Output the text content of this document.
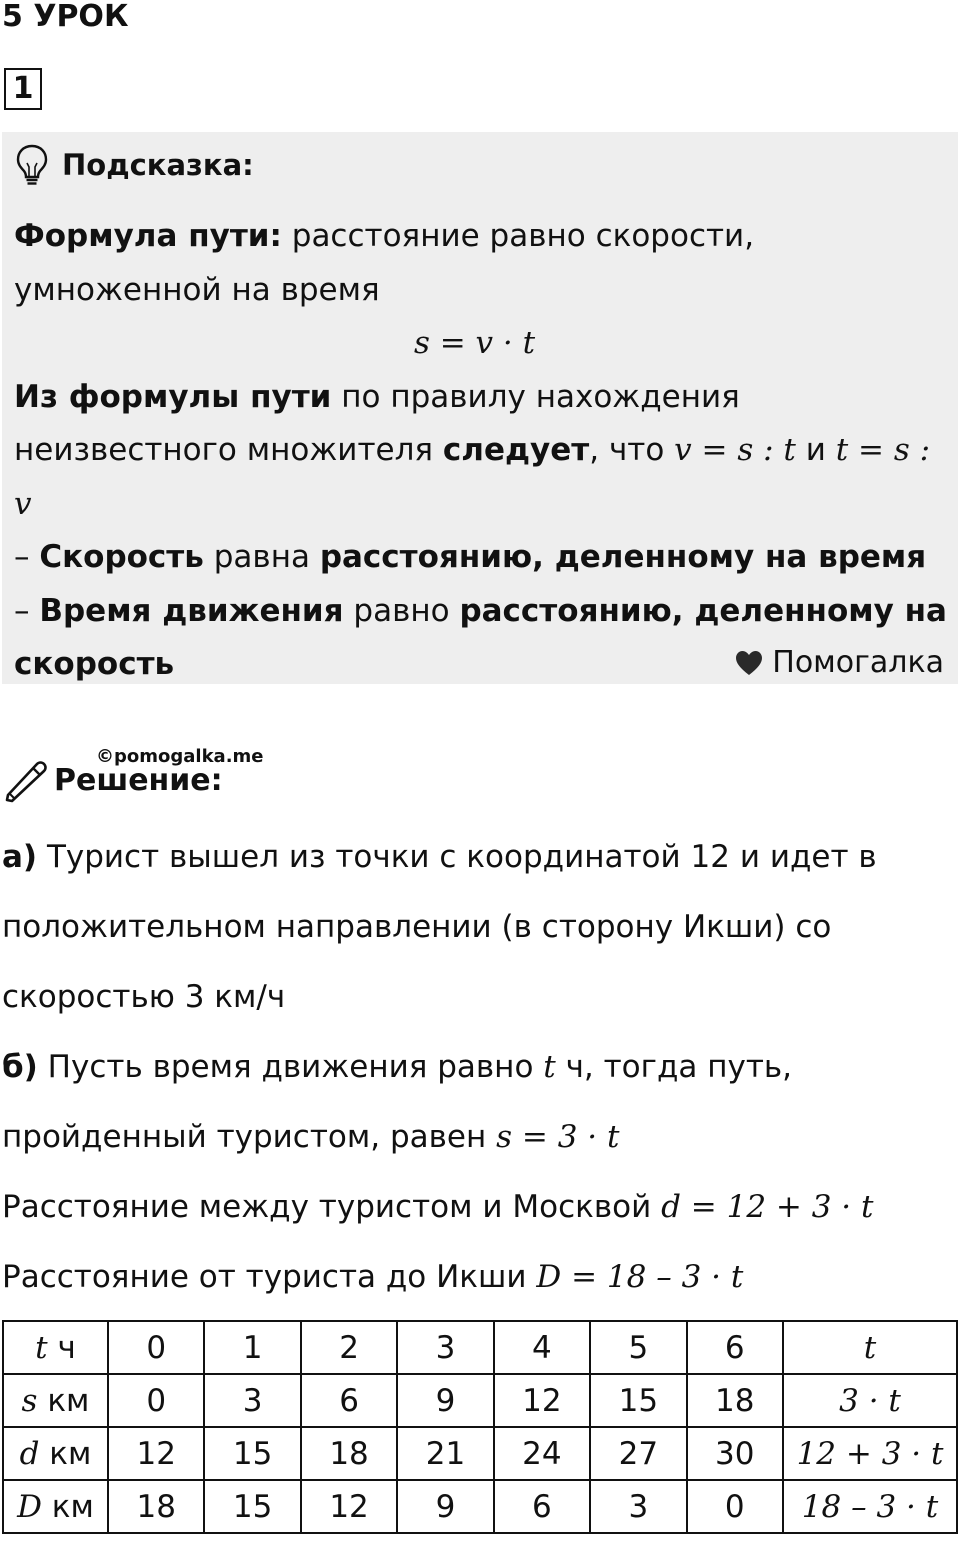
5 УРОК
1
Подсказка:

Формула пути: расстояние равно скорости, умноженной на время

s = v · t

Из формулы пути по правилу нахождения неизвестного множителя следует, что v = s : t и t = s : v

– Скорость равна расстоянию, деленному на время

– Время движения равно расстоянию, деленному на скорость	Помогалка
©pomogalka.me
Решение:

а) Турист вышел из точки с координатой 12 и идет в положительном направлении (в сторону Икши) со скоростью 3 км/ч

б) Пусть время движения равно t ч, тогда путь, пройденный туристом, равен s = 3 · t

Расстояние между туристом и Москвой d = 12 + 3 · t

Расстояние от туриста до Икши D = 18 – 3 · t

t ч	0	1	2	3	4	5	6	t
s км	0	3	6	9	12	15	18	3 · t
d км	12	15	18	21	24	27	30	12 + 3 · t
D км	18	15	12	9	6	3	0	18 – 3 · t
